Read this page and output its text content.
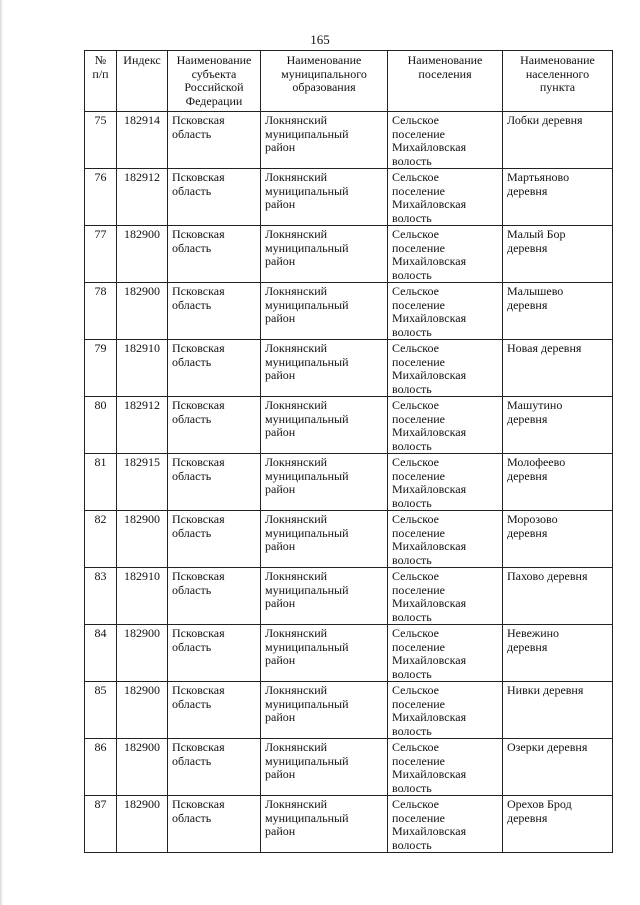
165
№
п/п	Индекс	Наименование
субъекта
Российской
Федерации	Наименование
муниципального
образования	Наименование
поселения	Наименование
населенного
пункта
75	182914	Псковская
область	Локнянский
муниципальный
район	Сельское
поселение
Михайловская
волость	Лобки деревня
76	182912	Псковская
область	Локнянский
муниципальный
район	Сельское
поселение
Михайловская
волость	Мартьяново
деревня
77	182900	Псковская
область	Локнянский
муниципальный
район	Сельское
поселение
Михайловская
волость	Малый Бор
деревня
78	182900	Псковская
область	Локнянский
муниципальный
район	Сельское
поселение
Михайловская
волость	Малышево
деревня
79	182910	Псковская
область	Локнянский
муниципальный
район	Сельское
поселение
Михайловская
волость	Новая деревня
80	182912	Псковская
область	Локнянский
муниципальный
район	Сельское
поселение
Михайловская
волость	Машутино
деревня
81	182915	Псковская
область	Локнянский
муниципальный
район	Сельское
поселение
Михайловская
волость	Молофеево
деревня
82	182900	Псковская
область	Локнянский
муниципальный
район	Сельское
поселение
Михайловская
волость	Морозово
деревня
83	182910	Псковская
область	Локнянский
муниципальный
район	Сельское
поселение
Михайловская
волость	Пахово деревня
84	182900	Псковская
область	Локнянский
муниципальный
район	Сельское
поселение
Михайловская
волость	Невежино
деревня
85	182900	Псковская
область	Локнянский
муниципальный
район	Сельское
поселение
Михайловская
волость	Нивки деревня
86	182900	Псковская
область	Локнянский
муниципальный
район	Сельское
поселение
Михайловская
волость	Озерки деревня
87	182900	Псковская
область	Локнянский
муниципальный
район	Сельское
поселение
Михайловская
волость	Орехов Брод
деревня
